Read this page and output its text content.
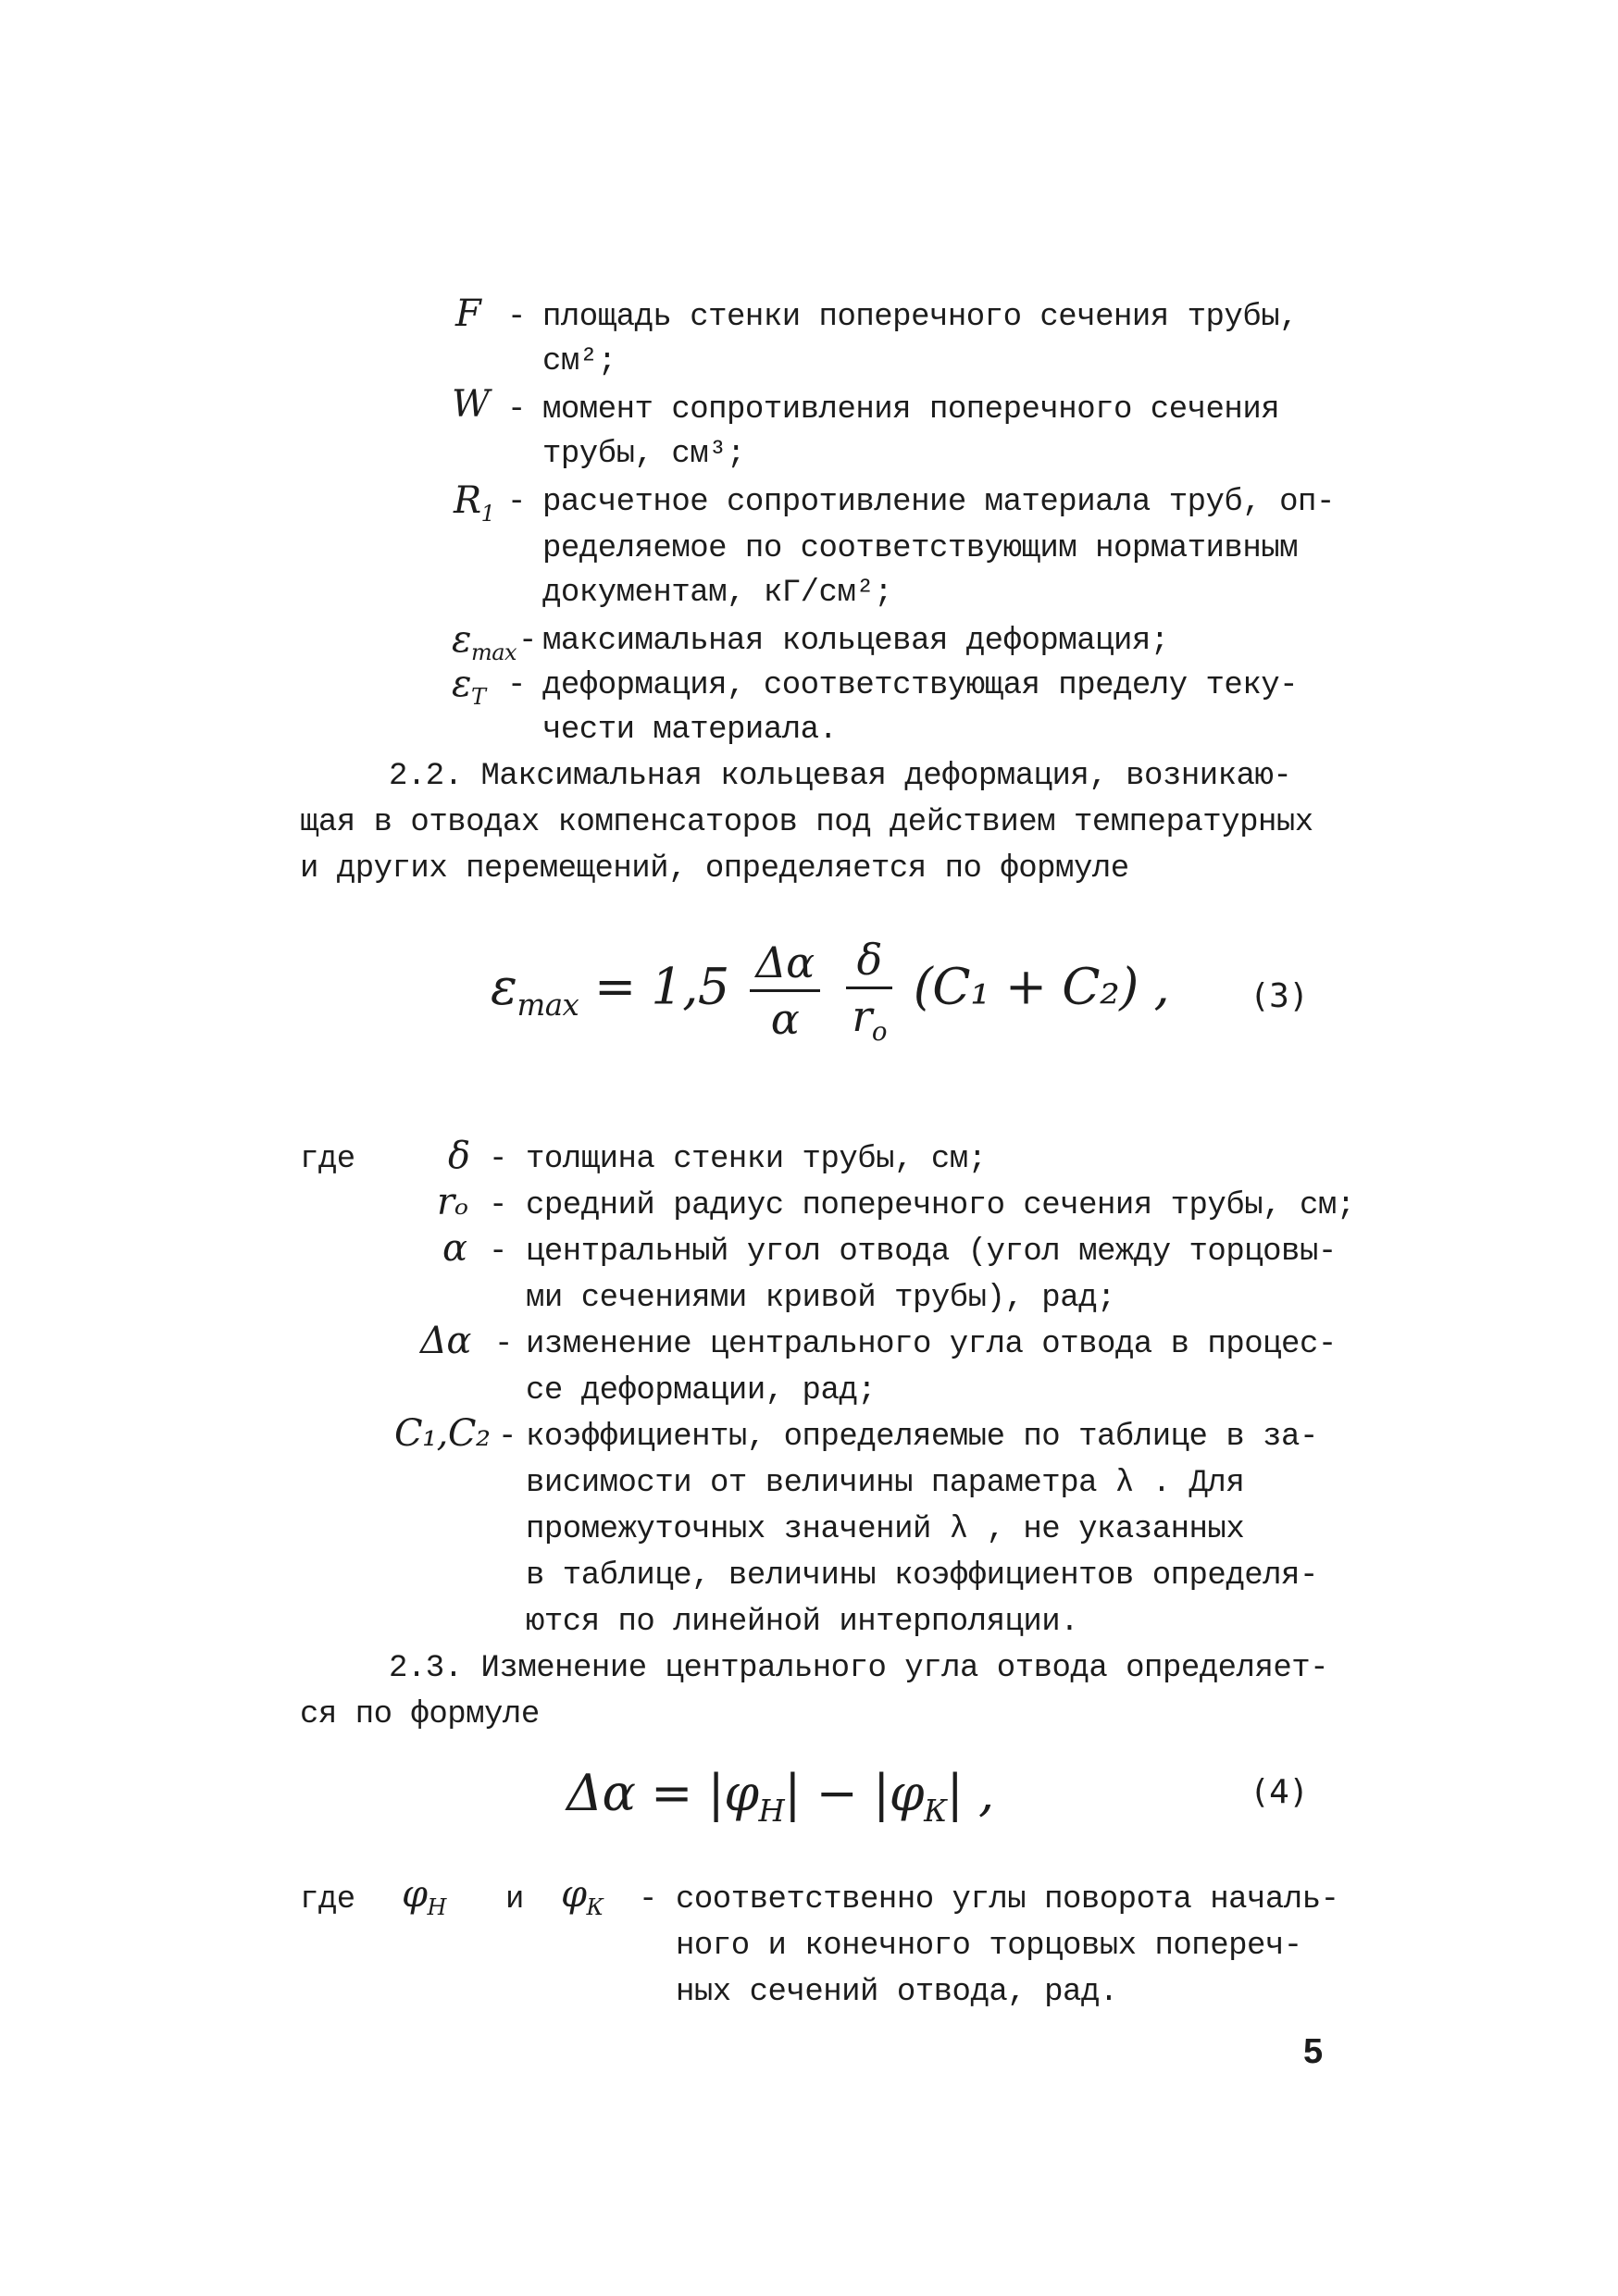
F - площадь стенки поперечного сечения трубы,
см²;
W - момент сопротивления поперечного сечения
трубы, см³;
$R_1$ - расчетное сопротивление материала труб, оп-
ределяемое по соответствующим нормативным
документам, кГ/см²;
$\varepsilon_{max}$ - максимальная кольцевая деформация;
$\varepsilon_T$ - деформация, соответствующая пределу теку-
чести материала.
2.2. Максимальная кольцевая деформация, возникаю-
щая в отводах компенсаторов под действием температурных
и других перемещений, определяется по формуле
$\varepsilon_{max} = 1,5 \frac{\Delta\alpha}{\alpha}$
$\frac{\delta}{r_o} (C_1 + C_2)$ , (3)
где	δ - толщина стенки трубы, см;
rₒ - средний радиус поперечного сечения трубы, см;
α - центральный угол отвода (угол между торцовы-
ми сечениями кривой трубы), рад;
Δα - изменение центрального угла отвода в процес-
се деформации, рад;
C₁,C₂ - коэффициенты, определяемые по таблице в за-
висимости от величины параметра λ . Для
промежуточных значений λ , не указанных
в таблице, величины коэффициентов определя-
ются по линейной интерполяции.
2.3. Изменение центрального угла отвода определяет-
ся по формуле
$\Delta\alpha = |\varphi_Н| - |\varphi_К|$ ,	(4)
где $\varphi_Н$ и $\varphi_К$ - соответственно углы поворота началь-
ного и конечного торцовых попереч-
ных сечений отвода, рад.
5
